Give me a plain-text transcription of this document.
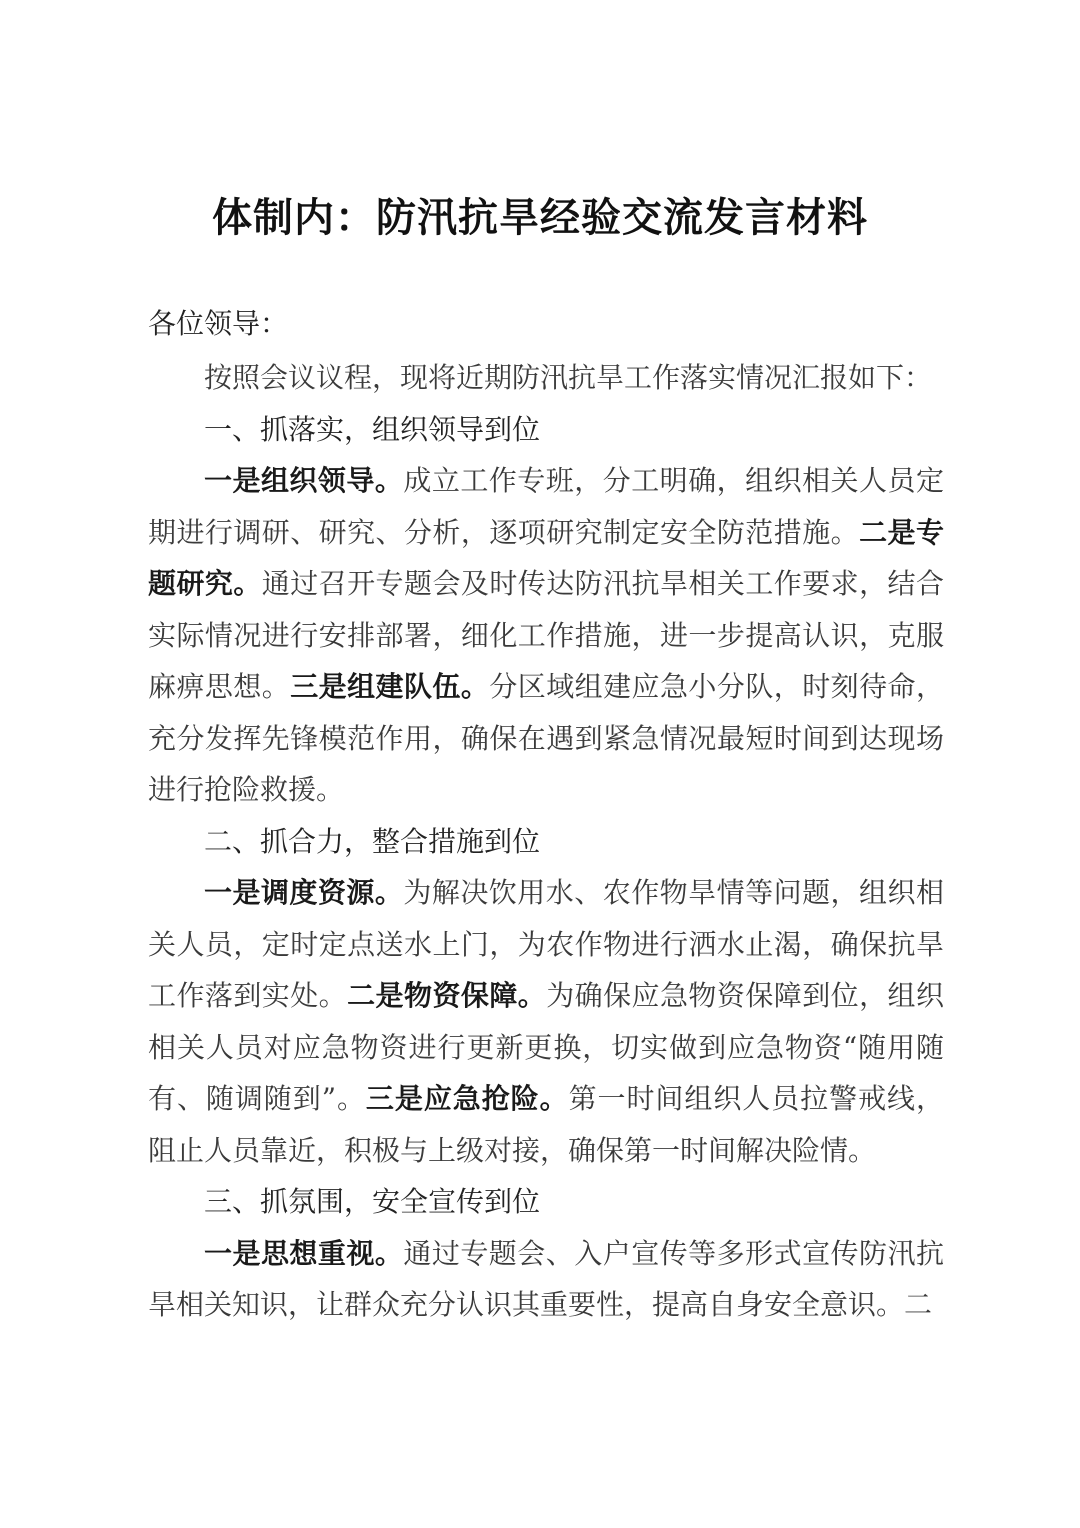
体制内：防汛抗旱经验交流发言材料
各位领导：

按照会议议程，现将近期防汛抗旱工作落实情况汇报如下：

一、抓落实，组织领导到位

一是组织领导。成立工作专班，分工明确，组织相关人员定期进行调研、研究、分析，逐项研究制定安全防范措施。二是专题研究。通过召开专题会及时传达防汛抗旱相关工作要求，结合实际情况进行安排部署，细化工作措施，进一步提高认识，克服麻痹思想。三是组建队伍。分区域组建应急小分队，时刻待命，充分发挥先锋模范作用，确保在遇到紧急情况最短时间到达现场进行抢险救援。

二、抓合力，整合措施到位

一是调度资源。为解决饮用水、农作物旱情等问题，组织相关人员，定时定点送水上门，为农作物进行洒水止渴，确保抗旱工作落到实处。二是物资保障。为确保应急物资保障到位，组织相关人员对应急物资进行更新更换，切实做到应急物资“随用随有、随调随到”。三是应急抢险。第一时间组织人员拉警戒线，阻止人员靠近，积极与上级对接，确保第一时间解决险情。

三、抓氛围，安全宣传到位

一是思想重视。通过专题会、入户宣传等多形式宣传防汛抗旱相关知识，让群众充分认识其重要性，提高自身安全意识。二
